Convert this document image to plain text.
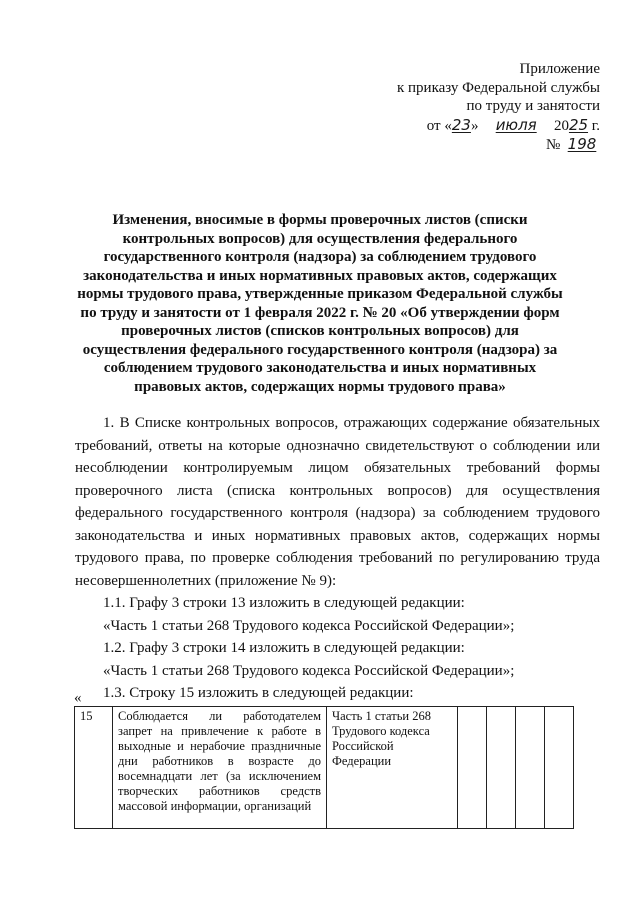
Приложение
к приказу Федеральной службы
по труду и занятости
от «23» июля 2025 г.
№ 198
Изменения, вносимые в формы проверочных листов (списки контрольных вопросов) для осуществления федерального государственного контроля (надзора) за соблюдением трудового законодательства и иных нормативных правовых актов, содержащих нормы трудового права, утвержденные приказом Федеральной службы по труду и занятости от 1 февраля 2022 г. № 20 «Об утверждении форм проверочных листов (списков контрольных вопросов) для осуществления федерального государственного контроля (надзора) за соблюдением трудового законодательства и иных нормативных правовых актов, содержащих нормы трудового права»

1. В Списке контрольных вопросов, отражающих содержание обязательных требований, ответы на которые однозначно свидетельствуют о соблюдении или несоблюдении контролируемым лицом обязательных требований формы проверочного листа (списка контрольных вопросов) для осуществления федерального государственного контроля (надзора) за соблюдением трудового законодательства и иных нормативных правовых актов, содержащих нормы трудового права, по проверке соблюдения требований по регулированию труда несовершеннолетних (приложение № 9):

1.1. Графу 3 строки 13 изложить в следующей редакции:

«Часть 1 статьи 268 Трудового кодекса Российской Федерации»;

1.2. Графу 3 строки 14 изложить в следующей редакции:

«Часть 1 статьи 268 Трудового кодекса Российской Федерации»;

1.3. Строку 15 изложить в следующей редакции:

«
15	Соблюдается ли работодателем запрет на привлечение к работе в выходные и нерабочие праздничные дни работников в возрасте до восемнадцати лет (за исключением творческих работников средств массовой информации, организаций	Часть 1 статьи 268 Трудового кодекса Российской Федерации				
